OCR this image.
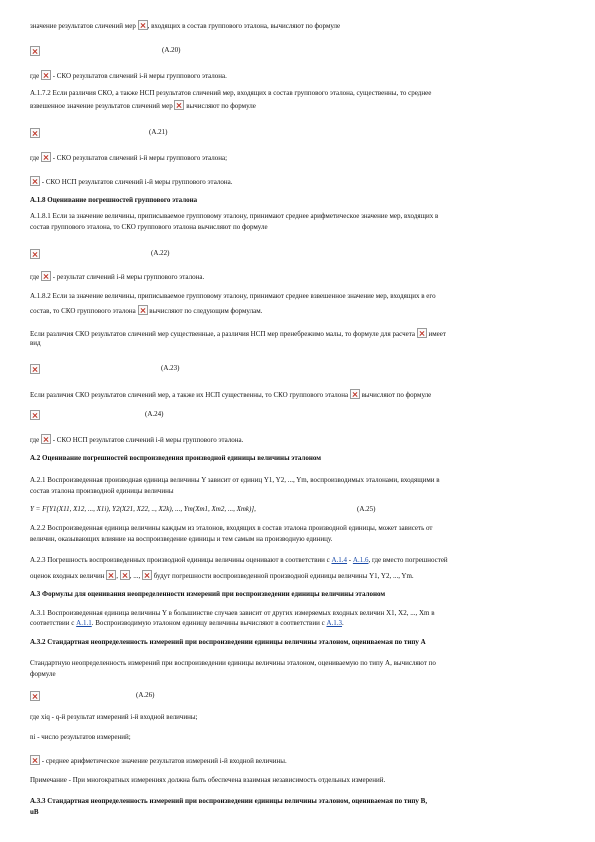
значение результатов сличений мер , входящих в состав группового эталона, вычисляют по формуле
(А.20)
где - СКО результатов сличений i-й меры группового эталона.
А.1.7.2 Если различия СКО, а также НСП результатов сличений мер, входящих в состав группового эталона, существенны, то среднее
взвешенное значение результатов сличений мер вычисляют по формуле
(А.21)
где - СКО результатов сличений i-й меры группового эталона;
- СКО НСП результатов сличений i-й меры группового эталона.
А.1.8 Оценивание погрешностей группового эталона
А.1.8.1 Если за значение величины, приписываемое групповому эталону, принимают среднее арифметическое значение мер, входящих в
состав группового эталона, то СКО группового эталона вычисляют по формуле
(А.22)
где - результат сличений i-й меры группового эталона.
А.1.8.2 Если за значение величины, приписываемое групповому эталону, принимают среднее взвешенное значение мер, входящих в его
состав, то СКО группового эталона вычисляют по следующим формулам.
Если различия СКО результатов сличений мер существенные, а различия НСП мер пренебрежимо малы, то формуле для расчета имеет
вид
(А.23)
Если различия СКО результатов сличений мер, а также их НСП существенны, то СКО группового эталона вычисляют по формуле
(А.24)
где - СКО НСП результатов сличений i-й меры группового эталона.
А.2 Оценивание погрешностей воспроизведения производной единицы величины эталоном
А.2.1 Воспроизведенная производная единица величины Y зависит от единиц Y1, Y2, ..., Ym, воспроизводимых эталонами, входящими в
состав эталона производной единицы величины
Y = F[Y1(X11, X12, ..., X1i), Y2(X21, X22, .., X2k), ..., Ym(Xm1, Xm2, ..., Xmk)],	(А.25)
А.2.2 Воспроизведенная единица величины каждым из эталонов, входящих в состав эталона производной единицы, может зависеть от
величин, оказывающих влияние на воспроизведение единицы и тем самым на производную единицу.
А.2.3 Погрешность воспроизведенных производной единицы величины оценивают в соответствии с А.1.4 - А.1.6, где вместо погрешностей
оценок входных величин , , ...,  будут погрешности воспроизведенной производной единицы величины Y1, Y2, ..., Ym.
А.3 Формулы для оценивания неопределенности измерений при воспроизведении единицы величины эталоном
А.3.1 Воспроизведенная единица величины Y в большинстве случаев зависит от других измеряемых входных величин X1, X2, ..., Xm в
соответствии с А.1.1. Воспроизводимую эталоном единицу величины вычисляют в соответствии с А.1.3.
А.3.2 Стандартная неопределенность измерений при воспроизведении единицы величины эталоном, оцениваемая по типу А
Стандартную неопределенность измерений при воспроизведении единицы величины эталоном, оцениваемую по типу А, вычисляют по
формуле
(А.26)
где xiq - q-й результат измерений i-й входной величины;
ni - число результатов измерений;
- среднее арифметическое значение результатов измерений i-й входной величины.
Примечание - При многократных измерениях должна быть обеспечена взаимная независимость отдельных измерений.
А.3.3 Стандартная неопределенность измерений при воспроизведении единицы величины эталоном, оцениваемая по типу В,
uB
